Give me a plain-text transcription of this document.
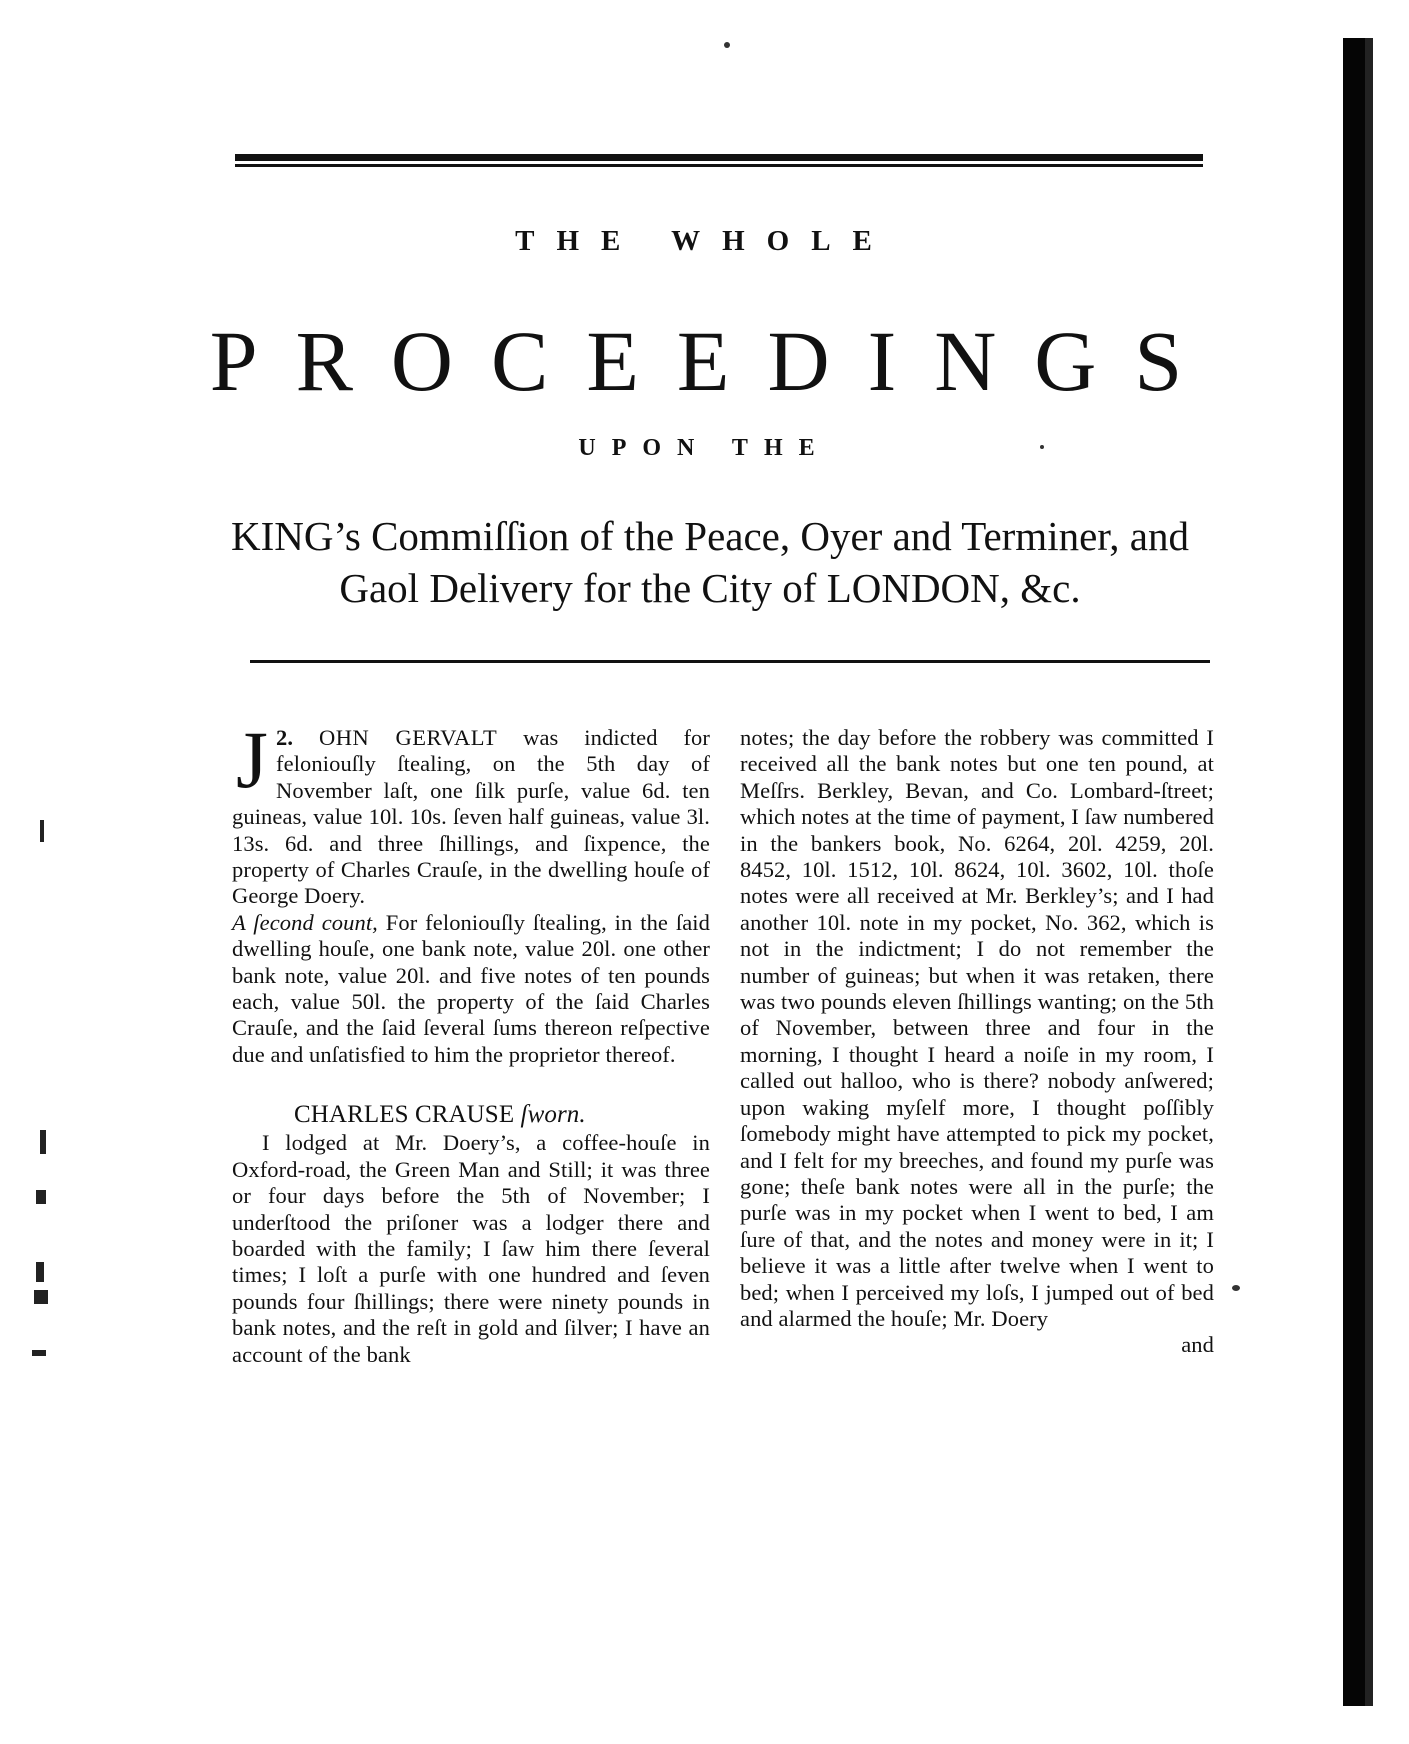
THE WHOLE
PROCEEDINGS
UPON THE
KING’s Commiſſion of the Peace, Oyer and Terminer, and
Gaol Delivery for the City of LONDON, &c.

2.
J OHN GERVALT was indicted for feloniouſly ſtealing, on the 5th day of November laſt, one ſilk purſe, value 6d. ten guineas, value 10l. 10s. ſeven half guineas, value 3l. 13s. 6d. and three ſhillings, and ſixpence, the property of Charles Crauſe, in the dwelling houſe of George Doery.

A ſecond count, For feloniouſly ſtealing, in the ſaid dwelling houſe, one bank note, value 20l. one other bank note, value 20l. and five notes of ten pounds each, value 50l. the property of the ſaid Charles Crauſe, and the ſaid ſeveral ſums thereon reſpective due and unſatisfied to him the proprietor thereof.

CHARLES CRAUSE ſworn.

I lodged at Mr. Doery’s, a coffee-houſe in Oxford-road, the Green Man and Still; it was three or four days before the 5th of November; I underſtood the priſoner was a lodger there and boarded with the family; I ſaw him there ſeveral times; I loſt a purſe with one hundred and ſeven pounds four ſhillings; there were ninety pounds in bank notes, and the reſt in gold and ſilver; I have an account of the bank

notes; the day before the robbery was committed I received all the bank notes but one ten pound, at Meſſrs. Berkley, Bevan, and Co. Lombard-ſtreet; which notes at the time of payment, I ſaw numbered in the bankers book, No. 6264, 20l. 4259, 20l. 8452, 10l. 1512, 10l. 8624, 10l. 3602, 10l. thoſe notes were all received at Mr. Berkley’s; and I had another 10l. note in my pocket, No. 362, which is not in the indictment; I do not remember the number of guineas; but when it was retaken, there was two pounds eleven ſhillings wanting; on the 5th of November, between three and four in the morning, I thought I heard a noiſe in my room, I called out halloo, who is there? nobody anſwered; upon waking myſelf more, I thought poſſibly ſomebody might have attempted to pick my pocket, and I felt for my breeches, and found my purſe was gone; theſe bank notes were all in the purſe; the purſe was in my pocket when I went to bed, I am ſure of that, and the notes and money were in it; I believe it was a little after twelve when I went to bed; when I perceived my loſs, I jumped out of bed and alarmed the houſe; Mr. Doery

and
